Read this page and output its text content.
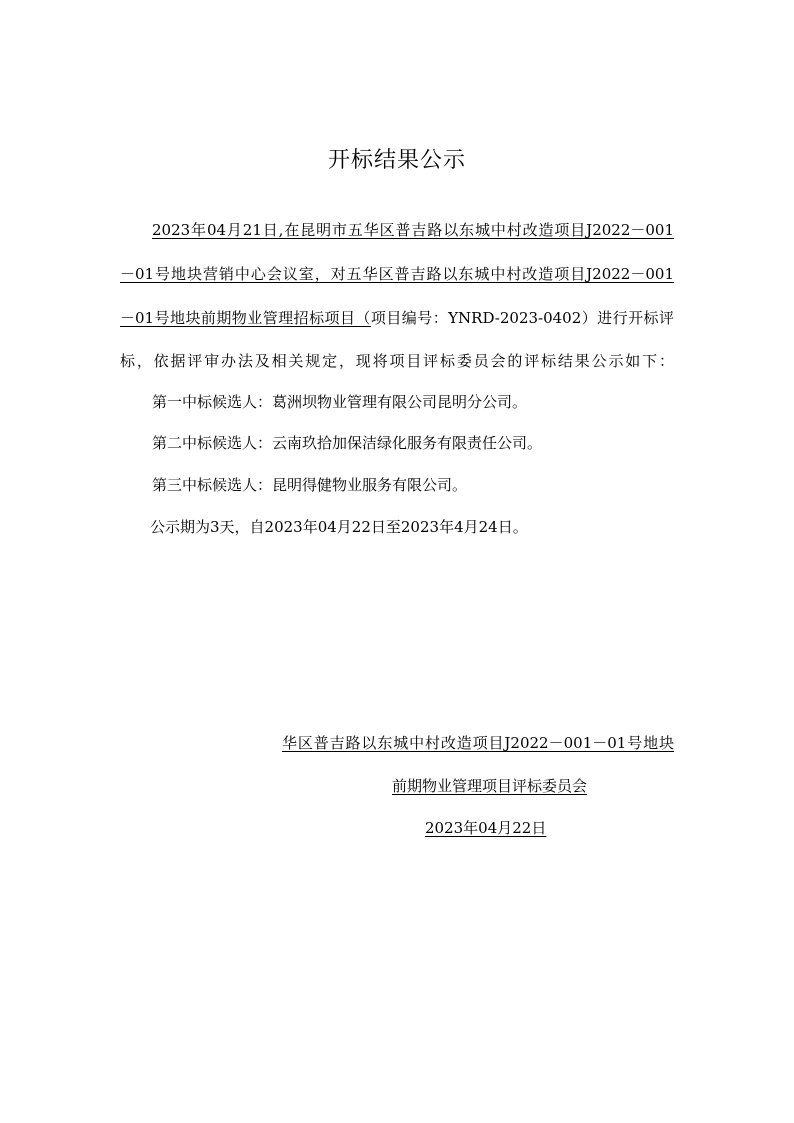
开标结果公示
2023年04月21日,在昆明市五华区普吉路以东城中村改造项目J2022－001
－01号地块营销中心会议室，对五华区普吉路以东城中村改造项目J2022－001
－01号地块前期物业管理招标项目（项目编号：YNRD-2023-0402）进行开标评
标，依据评审办法及相关规定，现将项目评标委员会的评标结果公示如下：
第一中标候选人：葛洲坝物业管理有限公司昆明分公司。
第二中标候选人：云南玖拾加保洁绿化服务有限责任公司。
第三中标候选人：昆明得健物业服务有限公司。
公示期为3天，自2023年04月22日至2023年4月24日。
华区普吉路以东城中村改造项目J2022－001－01号地块
前期物业管理项目评标委员会
2023年04月22日
